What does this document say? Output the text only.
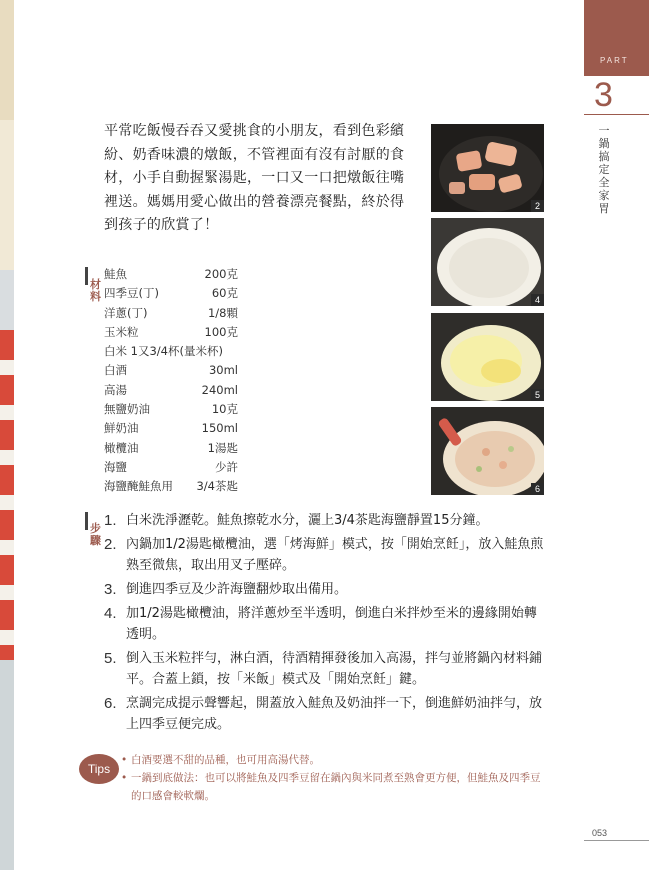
PART
3
一鍋搞定全家胃
平常吃飯慢吞吞又愛挑食的小朋友，看到色彩繽紛、奶香味濃的燉飯，不管裡面有沒有討厭的食材，小手自動握緊湯匙，一口又一口把燉飯往嘴裡送。媽媽用愛心做出的營養漂亮餐點，終於得到孩子的欣賞了！
材料
鮭魚	200克
四季豆(丁)	60克
洋蔥(丁)	1/8顆
玉米粒	100克
白米 1又3/4杯(量米杯)
白酒	30ml
高湯	240ml
無鹽奶油	10克
鮮奶油	150ml
橄欖油	1湯匙
海鹽	少許
海鹽醃鮭魚用 3/4茶匙
2
4
5
6
步驟
1. 白米洗淨瀝乾。鮭魚擦乾水分，灑上3/4茶匙海鹽靜置15分鐘。
2. 內鍋加1/2湯匙橄欖油，選「烤海鮮」模式，按「開始烹飪」，放入鮭魚煎熟至微焦，取出用叉子壓碎。
3. 倒進四季豆及少許海鹽翻炒取出備用。
4. 加1/2湯匙橄欖油，將洋蔥炒至半透明，倒進白米拌炒至米的邊緣開始轉透明。
5. 倒入玉米粒拌勻，淋白酒，待酒精揮發後加入高湯，拌勻並將鍋內材料鋪平。合蓋上鎖，按「米飯」模式及「開始烹飪」鍵。
6. 烹調完成提示聲響起，開蓋放入鮭魚及奶油拌一下，倒進鮮奶油拌勻，放上四季豆便完成。
Tips
• 白酒要選不甜的品種，也可用高湯代替。
• 一鍋到底做法：也可以將鮭魚及四季豆留在鍋內與米同煮至熟會更方便，但鮭魚及四季豆的口感會較軟爛。
053
